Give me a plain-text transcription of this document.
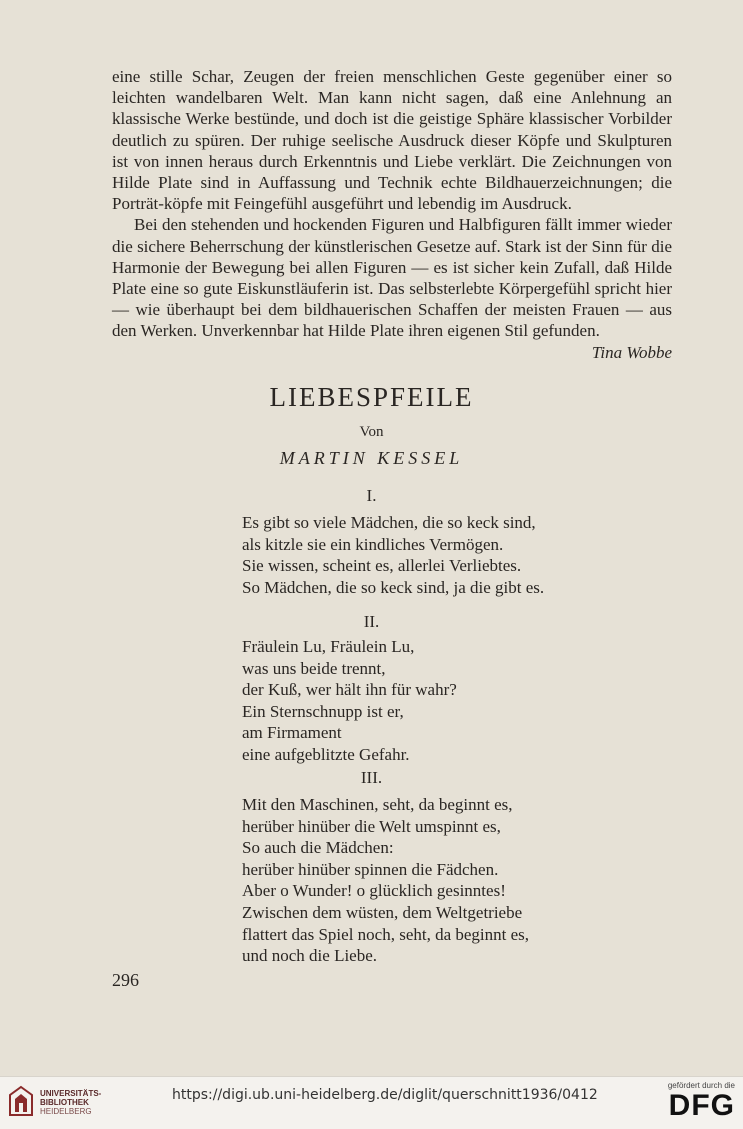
eine stille Schar, Zeugen der freien menschlichen Geste gegenüber einer so leichten wandelbaren Welt. Man kann nicht sagen, daß eine Anlehnung an klassische Werke bestünde, und doch ist die geistige Sphäre klassischer Vorbilder deutlich zu spüren. Der ruhige seelische Ausdruck dieser Köpfe und Skulpturen ist von innen heraus durch Erkenntnis und Liebe verklärt. Die Zeichnungen von Hilde Plate sind in Auffassung und Technik echte Bildhauerzeichnungen; die Porträt-köpfe mit Feingefühl ausgeführt und lebendig im Ausdruck.

Bei den stehenden und hockenden Figuren und Halbfiguren fällt immer wieder die sichere Beherrschung der künstlerischen Gesetze auf. Stark ist der Sinn für die Harmonie der Bewegung bei allen Figuren — es ist sicher kein Zufall, daß Hilde Plate eine so gute Eiskunstläuferin ist. Das selbsterlebte Körpergefühl spricht hier — wie überhaupt bei dem bildhauerischen Schaffen der meisten Frauen — aus den Werken. Unverkennbar hat Hilde Plate ihren eigenen Stil gefunden.

Tina Wobbe
LIEBESPFEILE
Von
MARTIN KESSEL
I.
Es gibt so viele Mädchen, die so keck sind,
als kitzle sie ein kindliches Vermögen.
Sie wissen, scheint es, allerlei Verliebtes.
So Mädchen, die so keck sind, ja die gibt es.
II.
Fräulein Lu, Fräulein Lu,
was uns beide trennt,
der Kuß, wer hält ihn für wahr?
Ein Sternschnupp ist er,
am Firmament
eine aufgeblitzte Gefahr.
III.
Mit den Maschinen, seht, da beginnt es,
herüber hinüber die Welt umspinnt es,
So auch die Mädchen:
herüber hinüber spinnen die Fädchen.
Aber o Wunder! o glücklich gesinntes!
Zwischen dem wüsten, dem Weltgetriebe
flattert das Spiel noch, seht, da beginnt es,
und noch die Liebe.
296
UNIVERSITÄTS-
BIBLIOTHEK
HEIDELBERG
https://digi.ub.uni-heidelberg.de/diglit/querschnitt1936/0412
gefördert durch die
DFG
